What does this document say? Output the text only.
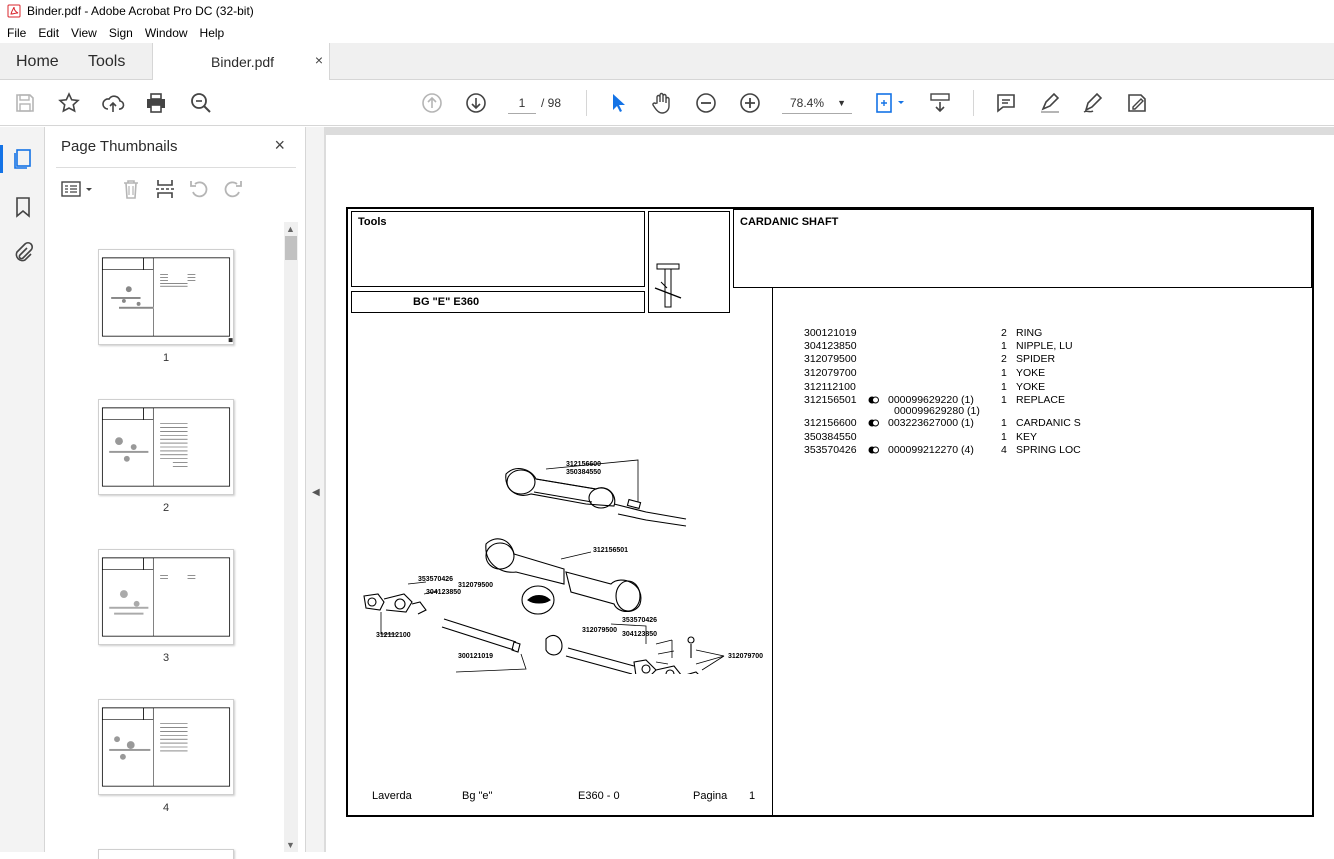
Binder.pdf - Adobe Acrobat Pro DC (32-bit)
File	Edit	View	Sign	Window	Help
Home Tools	Binder.pdf	×
1	/ 98	78.4% ▼
Page Thumbnails	×
▲
▼
1
2
3
4
◀
Tools
BG "E" E360
CARDANIC SHAFT
300121019	2 RING
304123850	1 NIPPLE, LU
312079500	2 SPIDER
312079700	1 YOKE
312112100	1 YOKE
312156501	000099629220 (1)	1 REPLACE
000099629280 (1)
312156600	003223627000 (1)	1 CARDANIC S
350384550	1 KEY
353570426	000099212270 (4)	4 SPRING LOC
312156600
350384550
312156501
353570426
312079500
304123850
312112100
300121019
312079500
353570426
304123850
312079700
Laverda	Bg "e"	E360 - 0	Pagina 1
